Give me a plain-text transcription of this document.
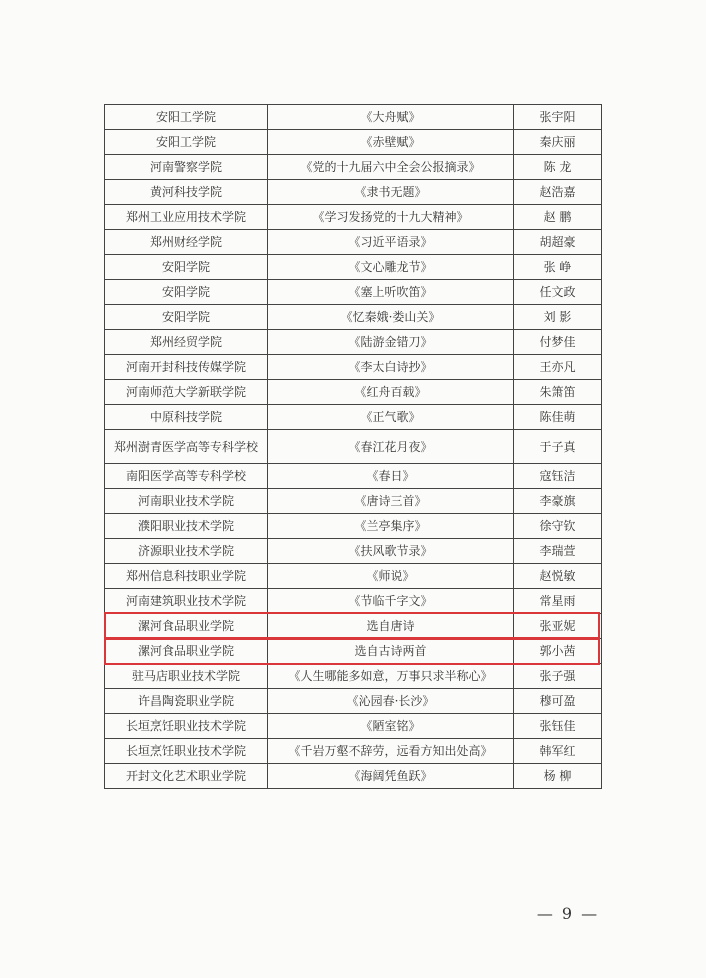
安阳工学院	《大舟赋》	张宇阳
安阳工学院	《赤壁赋》	秦庆丽
河南警察学院	《党的十九届六中全会公报摘录》	陈 龙
黄河科技学院	《隶书无题》	赵浩嘉
郑州工业应用技术学院	《学习发扬党的十九大精神》	赵 鹏
郑州财经学院	《习近平语录》	胡超豪
安阳学院	《文心雕龙节》	张 峥
安阳学院	《塞上听吹笛》	任文政
安阳学院	《忆秦娥·娄山关》	刘 影
郑州经贸学院	《陆游金错刀》	付梦佳
河南开封科技传媒学院	《李太白诗抄》	王亦凡
河南师范大学新联学院	《红舟百载》	朱箫笛
中原科技学院	《正气歌》	陈佳萌
郑州澍青医学高等专科学校	《春江花月夜》	于子真
南阳医学高等专科学校	《春日》	寇钰洁
河南职业技术学院	《唐诗三首》	李豪旗
濮阳职业技术学院	《兰亭集序》	徐守钦
济源职业技术学院	《扶风歌节录》	李瑞萱
郑州信息科技职业学院	《师说》	赵悦敏
河南建筑职业技术学院	《节临千字文》	常星雨
漯河食品职业学院	选自唐诗	张亚妮
漯河食品职业学院	选自古诗两首	郭小茜
驻马店职业技术学院	《人生哪能多如意，万事只求半称心》	张子强
许昌陶瓷职业学院	《沁园春·长沙》	穆可盈
长垣烹饪职业技术学院	《陋室铭》	张钰佳
长垣烹饪职业技术学院	《千岩万壑不辞劳，远看方知出处高》	韩军红
开封文化艺术职业学院	《海阔凭鱼跃》	杨 柳
— 9 —
